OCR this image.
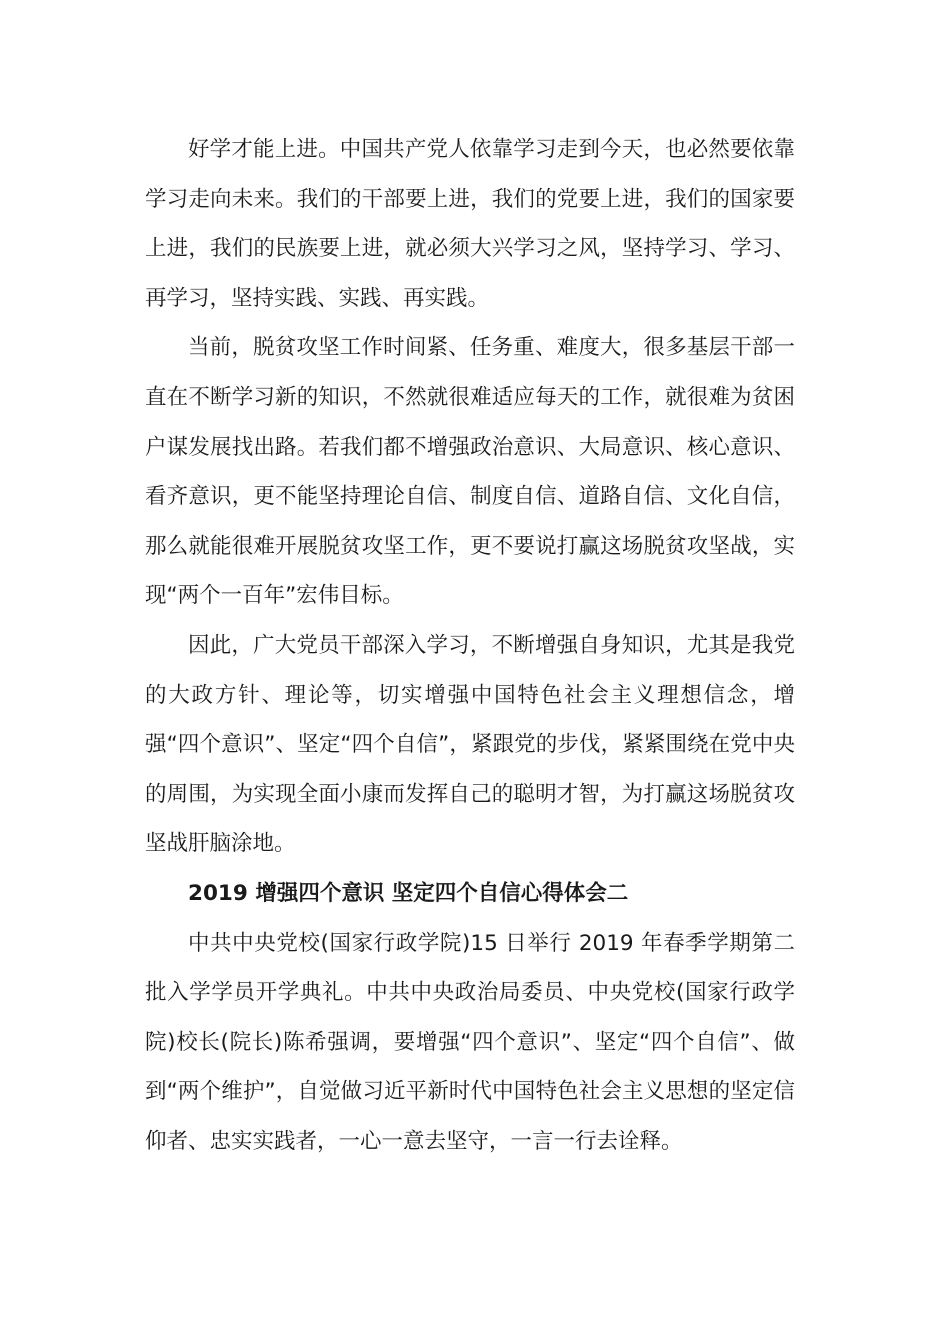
好学才能上进。中国共产党人依靠学习走到今天，也必然要依靠学习走向未来。我们的干部要上进，我们的党要上进，我们的国家要上进，我们的民族要上进，就必须大兴学习之风，坚持学习、学习、再学习，坚持实践、实践、再实践。

当前，脱贫攻坚工作时间紧、任务重、难度大，很多基层干部一直在不断学习新的知识，不然就很难适应每天的工作，就很难为贫困户谋发展找出路。若我们都不增强政治意识、大局意识、核心意识、看齐意识，更不能坚持理论自信、制度自信、道路自信、文化自信，那么就能很难开展脱贫攻坚工作，更不要说打赢这场脱贫攻坚战，实现“两个一百年”宏伟目标。

因此，广大党员干部深入学习，不断增强自身知识，尤其是我党的大政方针、理论等，切实增强中国特色社会主义理想信念，增强“四个意识”、坚定“四个自信”，紧跟党的步伐，紧紧围绕在党中央的周围，为实现全面小康而发挥自己的聪明才智，为打赢这场脱贫攻坚战肝脑涂地。

2019 增强四个意识 坚定四个自信心得体会二

中共中央党校(国家行政学院)15 日举行 2019 年春季学期第二批入学学员开学典礼。中共中央政治局委员、中央党校(国家行政学院)校长(院长)陈希强调，要增强“四个意识”、坚定“四个自信”、做到“两个维护”，自觉做习近平新时代中国特色社会主义思想的坚定信仰者、忠实实践者，一心一意去坚守，一言一行去诠释。
